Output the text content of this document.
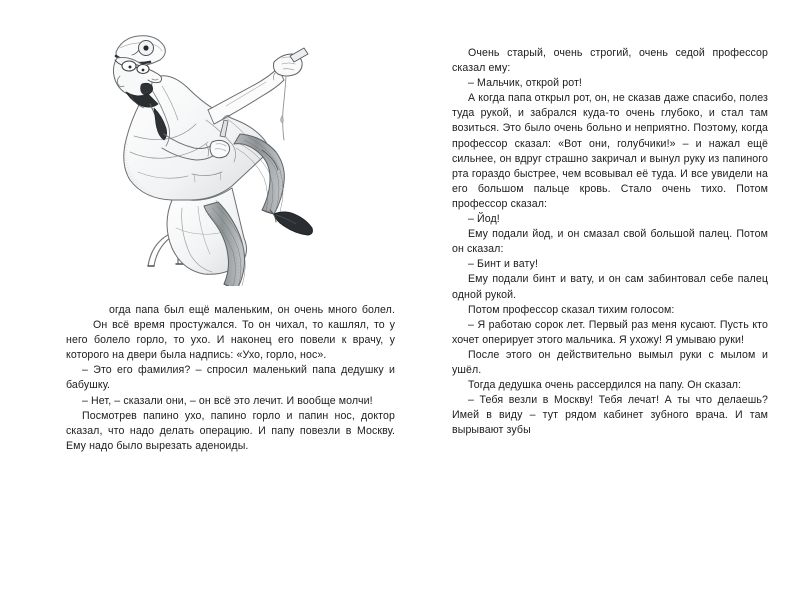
Когда папа был ещё маленьким, он очень много болел. Он всё время простужался. То он чихал, то кашлял, то у него болело горло, то ухо. И наконец его повели к врачу, у которого на двери была надпись: «Ухо, горло, нос».

– Это его фамилия? – спросил маленький папа дедушку и бабушку.

– Нет, – сказали они, – он всё это лечит. И вообще молчи!

Посмотрев папино ухо, папино горло и папин нос, доктор сказал, что надо делать операцию. И папу повезли в Москву. Ему надо было вырезать аденоиды.

Очень старый, очень строгий, очень седой профессор сказал ему:

– Мальчик, открой рот!

А когда папа открыл рот, он, не сказав даже спасибо, полез туда рукой, и забрался куда-то очень глубоко, и стал там возиться. Это было очень больно и неприятно. Поэтому, когда профессор сказал: «Вот они, голубчики!» – и нажал ещё сильнее, он вдруг страшно закричал и вынул руку из папиного рта гораздо быстрее, чем всовывал её туда. И все увидели на его большом пальце кровь. Стало очень тихо. Потом профессор сказал:

– Йод!

Ему подали йод, и он смазал свой большой палец. Потом он сказал:

– Бинт и вату!

Ему подали бинт и вату, и он сам забинтовал себе палец одной рукой.

Потом профессор сказал тихим голосом:

– Я работаю сорок лет. Первый раз меня кусают. Пусть кто хочет оперирует этого мальчика. Я ухожу! Я умываю руки!

После этого он действительно вымыл руки с мылом и ушёл.

Тогда дедушка очень рассердился на папу. Он сказал:

– Тебя везли в Москву! Тебя лечат! А ты что делаешь? Имей в виду – тут рядом кабинет зубного врача. И там вырывают зубы
